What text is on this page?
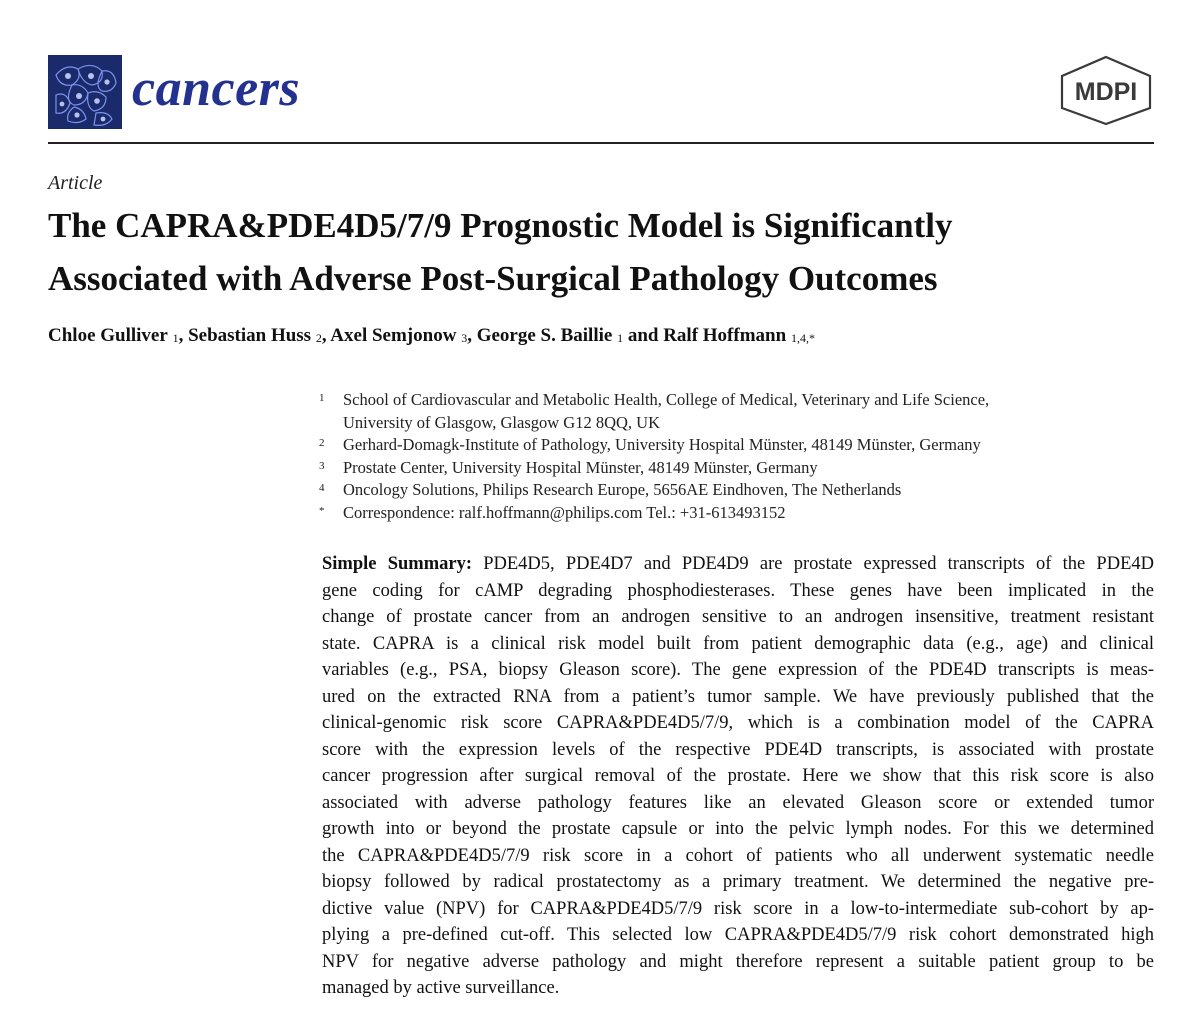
cancers	MDPI
Article
The CAPRA&PDE4D5/7/9 Prognostic Model is Significantly
Associated with Adverse Post-Surgical Pathology Outcomes
Chloe Gulliver $^1$, Sebastian Huss $^2$, Axel Semjonow $^3$, George S. Baillie $^1$ and Ralf Hoffmann $^{1,4,*}$
1 School of Cardiovascular and Metabolic Health, College of Medical, Veterinary and Life Science,
University of Glasgow, Glasgow G12 8QQ, UK
2 Gerhard-Domagk-Institute of Pathology, University Hospital Münster, 48149 Münster, Germany
3 Prostate Center, University Hospital Münster, 48149 Münster, Germany
4 Oncology Solutions, Philips Research Europe, 5656AE Eindhoven, The Netherlands
* Correspondence: ralf.hoffmann@philips.com Tel.: +31-613493152
Simple Summary: PDE4D5, PDE4D7 and PDE4D9 are prostate expressed transcripts of the PDE4D
gene coding for cAMP degrading phosphodiesterases. These genes have been implicated in the
change of prostate cancer from an androgen sensitive to an androgen insensitive, treatment resistant
state. CAPRA is a clinical risk model built from patient demographic data (e.g., age) and clinical
variables (e.g., PSA, biopsy Gleason score). The gene expression of the PDE4D transcripts is meas-
ured on the extracted RNA from a patient’s tumor sample. We have previously published that the
clinical-genomic risk score CAPRA&PDE4D5/7/9, which is a combination model of the CAPRA
score with the expression levels of the respective PDE4D transcripts, is associated with prostate
cancer progression after surgical removal of the prostate. Here we show that this risk score is also
associated with adverse pathology features like an elevated Gleason score or extended tumor
growth into or beyond the prostate capsule or into the pelvic lymph nodes. For this we determined
the CAPRA&PDE4D5/7/9 risk score in a cohort of patients who all underwent systematic needle
biopsy followed by radical prostatectomy as a primary treatment. We determined the negative pre-
dictive value (NPV) for CAPRA&PDE4D5/7/9 risk score in a low-to-intermediate sub-cohort by ap-
plying a pre-defined cut-off. This selected low CAPRA&PDE4D5/7/9 risk cohort demonstrated high
NPV for negative adverse pathology and might therefore represent a suitable patient group to be
managed by active surveillance.
